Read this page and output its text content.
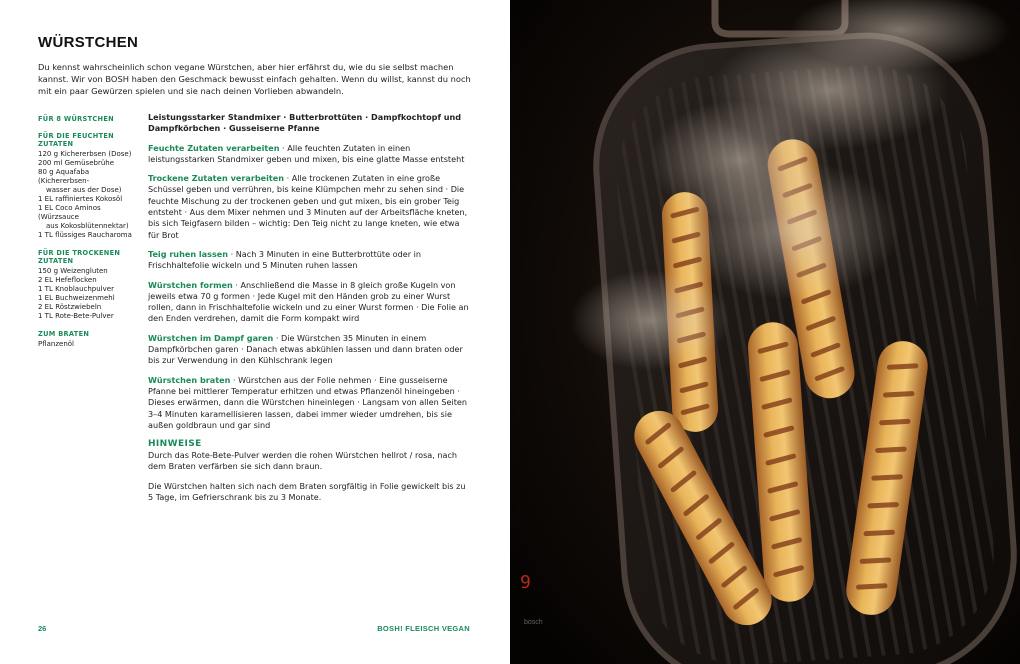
WÜRSTCHEN

Du kennst wahrscheinlich schon vegane Würstchen, aber hier erfährst du, wie du sie selbst machen kannst. Wir von BOSH haben den Geschmack bewusst einfach gehalten. Wenn du willst, kannst du noch mit ein paar Gewürzen spielen und sie nach deinen Vorlieben abwandeln.

FÜR 8 WÜRSTCHEN

FÜR DIE FEUCHTEN ZUTATEN

120 g Kichererbsen (Dose)

200 ml Gemüsebrühe

80 g Aquafaba (Kichererbsen-

wasser aus der Dose)

1 EL raffiniertes Kokosöl

1 EL Coco Aminos (Würzsauce

aus Kokosblütennektar)

1 TL flüssiges Raucharoma

FÜR DIE TROCKENEN ZUTATEN

150 g Weizengluten

2 EL Hefeflocken

1 TL Knoblauchpulver

1 EL Buchweizenmehl

2 EL Röstzwiebeln

1 TL Rote-Bete-Pulver

ZUM BRATEN

Pflanzenöl

Leistungsstarker Standmixer · Butterbrottüten · Dampfkochtopf und Dampfkörbchen · Gusseiserne Pfanne

Feuchte Zutaten verarbeiten · Alle feuchten Zutaten in einen leistungsstarken Standmixer geben und mixen, bis eine glatte Masse entsteht

Trockene Zutaten verarbeiten · Alle trockenen Zutaten in eine große Schüssel geben und verrühren, bis keine Klümpchen mehr zu sehen sind · Die feuchte Mischung zu der trockenen geben und gut mixen, bis ein grober Teig entsteht · Aus dem Mixer nehmen und 3 Minuten auf der Arbeitsfläche kneten, bis sich Teigfasern bilden – wichtig: Den Teig nicht zu lange kneten, wie etwa für Brot

Teig ruhen lassen · Nach 3 Minuten in eine Butterbrottüte oder in Frischhaltefolie wickeln und 5 Minuten ruhen lassen

Würstchen formen · Anschließend die Masse in 8 gleich große Kugeln von jeweils etwa 70 g formen · Jede Kugel mit den Händen grob zu einer Wurst rollen, dann in Frischhaltefolie wickeln und zu einer Wurst formen · Die Folie an den Enden verdrehen, damit die Form kompakt wird

Würstchen im Dampf garen · Die Würstchen 35 Minuten in einem Dampfkörbchen garen · Danach etwas abkühlen lassen und dann braten oder bis zur Verwendung in den Kühlschrank legen

Würstchen braten · Würstchen aus der Folie nehmen · Eine gusseiserne Pfanne bei mittlerer Temperatur erhitzen und etwas Pflanzenöl hineingeben · Dieses erwärmen, dann die Würstchen hineinlegen · Langsam von allen Seiten 3–4 Minuten karamellisieren lassen, dabei immer wieder umdrehen, bis sie außen goldbraun und gar sind

HINWEISE

Durch das Rote-Bete-Pulver werden die rohen Würstchen hellrot / rosa, nach dem Braten verfärben sie sich dann braun.

Die Würstchen halten sich nach dem Braten sorgfältig in Folie gewickelt bis zu 5 Tage, im Gefrierschrank bis zu 3 Monate.

26	BOSH! FLEISCH VEGAN
9
bosch
